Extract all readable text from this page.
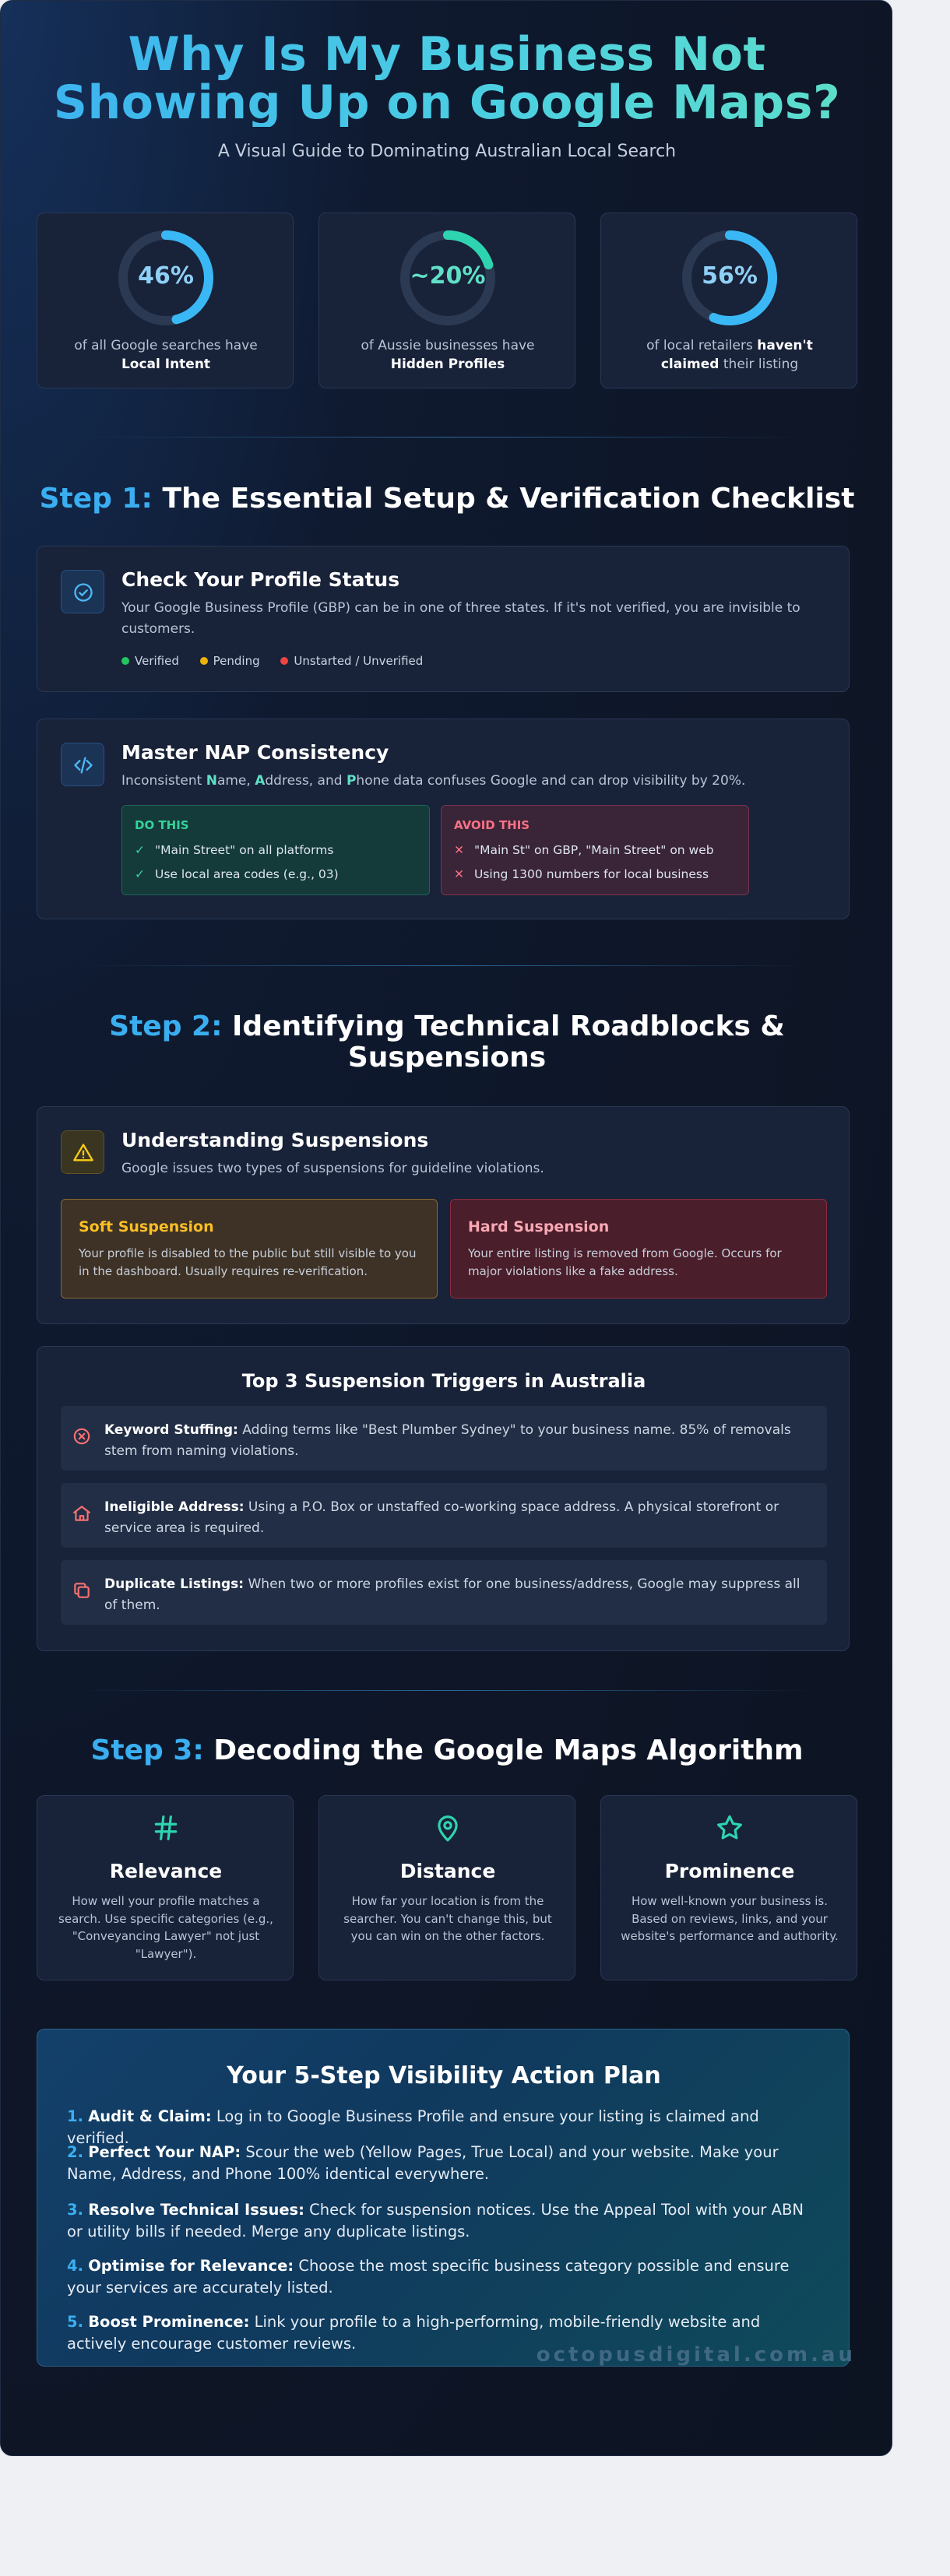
Why Is My Business Not
Showing Up on Google Maps?
A Visual Guide to Dominating Australian Local Search
46%
of all Google searches have
Local Intent
~20%
of Aussie businesses have
Hidden Profiles
56%
of local retailers haven't claimed their listing
Step 1: The Essential Setup & Verification Checklist
Check Your Profile Status
Your Google Business Profile (GBP) can be in one of three states. If it's not verified, you are invisible to customers.
Verified	Pending	Unstarted / Unverified
Master NAP Consistency
Inconsistent Name, Address, and Phone data confuses Google and can drop visibility by 20%.
DO THIS
✓ "Main Street" on all platforms
✓ Use local area codes (e.g., 03)
AVOID THIS
✕ "Main St" on GBP, "Main Street" on web
✕ Using 1300 numbers for local business
Step 2: Identifying Technical Roadblocks &
Suspensions
Understanding Suspensions
Google issues two types of suspensions for guideline violations.
Soft Suspension
Your profile is disabled to the public but still visible to you in the dashboard. Usually requires re-verification.
Hard Suspension
Your entire listing is removed from Google. Occurs for major violations like a fake address.
Top 3 Suspension Triggers in Australia
Keyword Stuffing: Adding terms like "Best Plumber Sydney" to your business name. 85% of removals stem from naming violations.
Ineligible Address: Using a P.O. Box or unstaffed co-working space address. A physical storefront or service area is required.
Duplicate Listings: When two or more profiles exist for one business/address, Google may suppress all of them.
Step 3: Decoding the Google Maps Algorithm
Relevance
How well your profile matches a search. Use specific categories (e.g., "Conveyancing Lawyer" not just "Lawyer").
Distance
How far your location is from the searcher. You can't change this, but you can win on the other factors.
Prominence
How well-known your business is. Based on reviews, links, and your website's performance and authority.
Your 5-Step Visibility Action Plan
1. Audit & Claim: Log in to Google Business Profile and ensure your listing is claimed and verified.
2. Perfect Your NAP: Scour the web (Yellow Pages, True Local) and your website. Make your Name, Address, and Phone 100% identical everywhere.
3. Resolve Technical Issues: Check for suspension notices. Use the Appeal Tool with your ABN or utility bills if needed. Merge any duplicate listings.
4. Optimise for Relevance: Choose the most specific business category possible and ensure your services are accurately listed.
5. Boost Prominence: Link your profile to a high-performing, mobile-friendly website and actively encourage customer reviews.	octopusdigital.com.au
